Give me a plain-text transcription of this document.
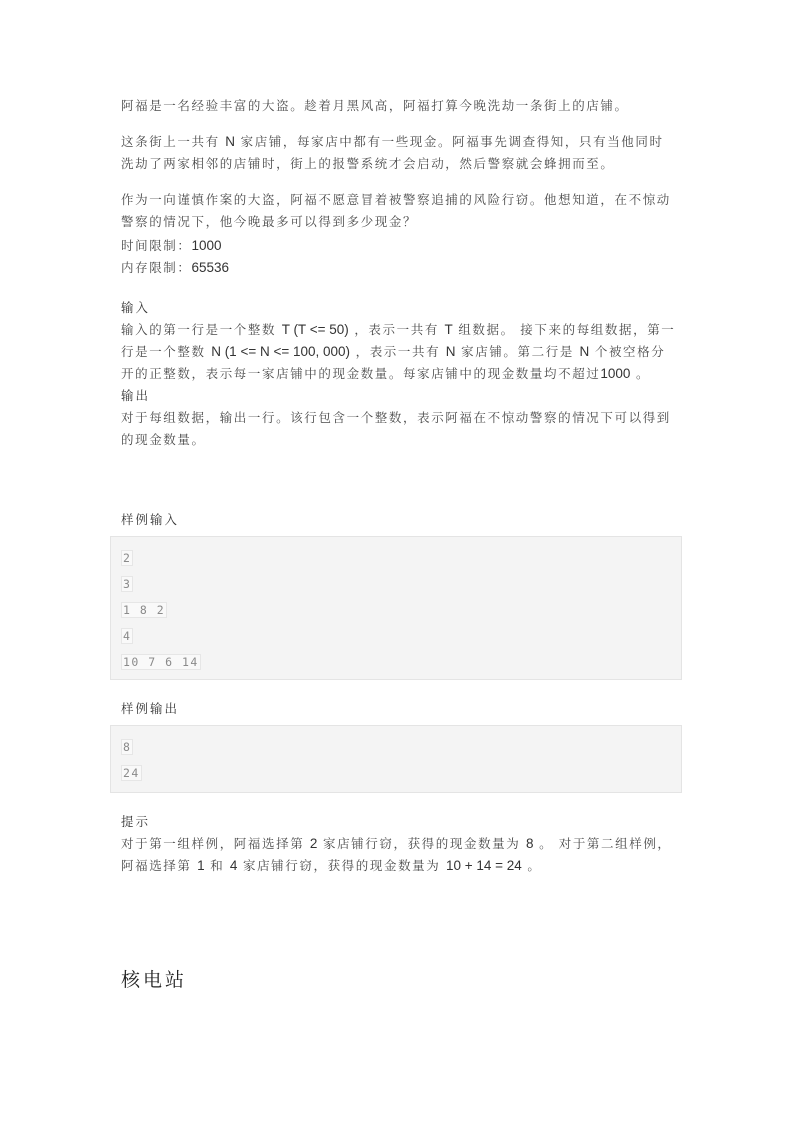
阿福是一名经验丰富的大盗。趁着月黑风高，阿福打算今晚洗劫一条街上的店铺。

这条街上一共有 N 家店铺，每家店中都有一些现金。阿福事先调查得知，只有当他同时洗劫了两家相邻的店铺时，街上的报警系统才会启动，然后警察就会蜂拥而至。

作为一向谨慎作案的大盗，阿福不愿意冒着被警察追捕的风险行窃。他想知道，在不惊动警察的情况下，他今晚最多可以得到多少现金？

时间限制：1000

内存限制：65536

输入

输入的第一行是一个整数 T (T <= 50) ，表示一共有 T 组数据。 接下来的每组数据，第一行是一个整数 N (1 <= N <= 100, 000) ，表示一共有 N 家店铺。第二行是 N 个被空格分开的正整数，表示每一家店铺中的现金数量。每家店铺中的现金数量均不超过1000 。

输出

对于每组数据，输出一行。该行包含一个整数，表示阿福在不惊动警察的情况下可以得到的现金数量。

样例输入

2
3
1 8 2
4
10 7 6 14

样例输出

8
24

提示

对于第一组样例，阿福选择第 2 家店铺行窃，获得的现金数量为 8 。 对于第二组样例，阿福选择第 1 和 4 家店铺行窃，获得的现金数量为 10 + 14 = 24 。

核电站
